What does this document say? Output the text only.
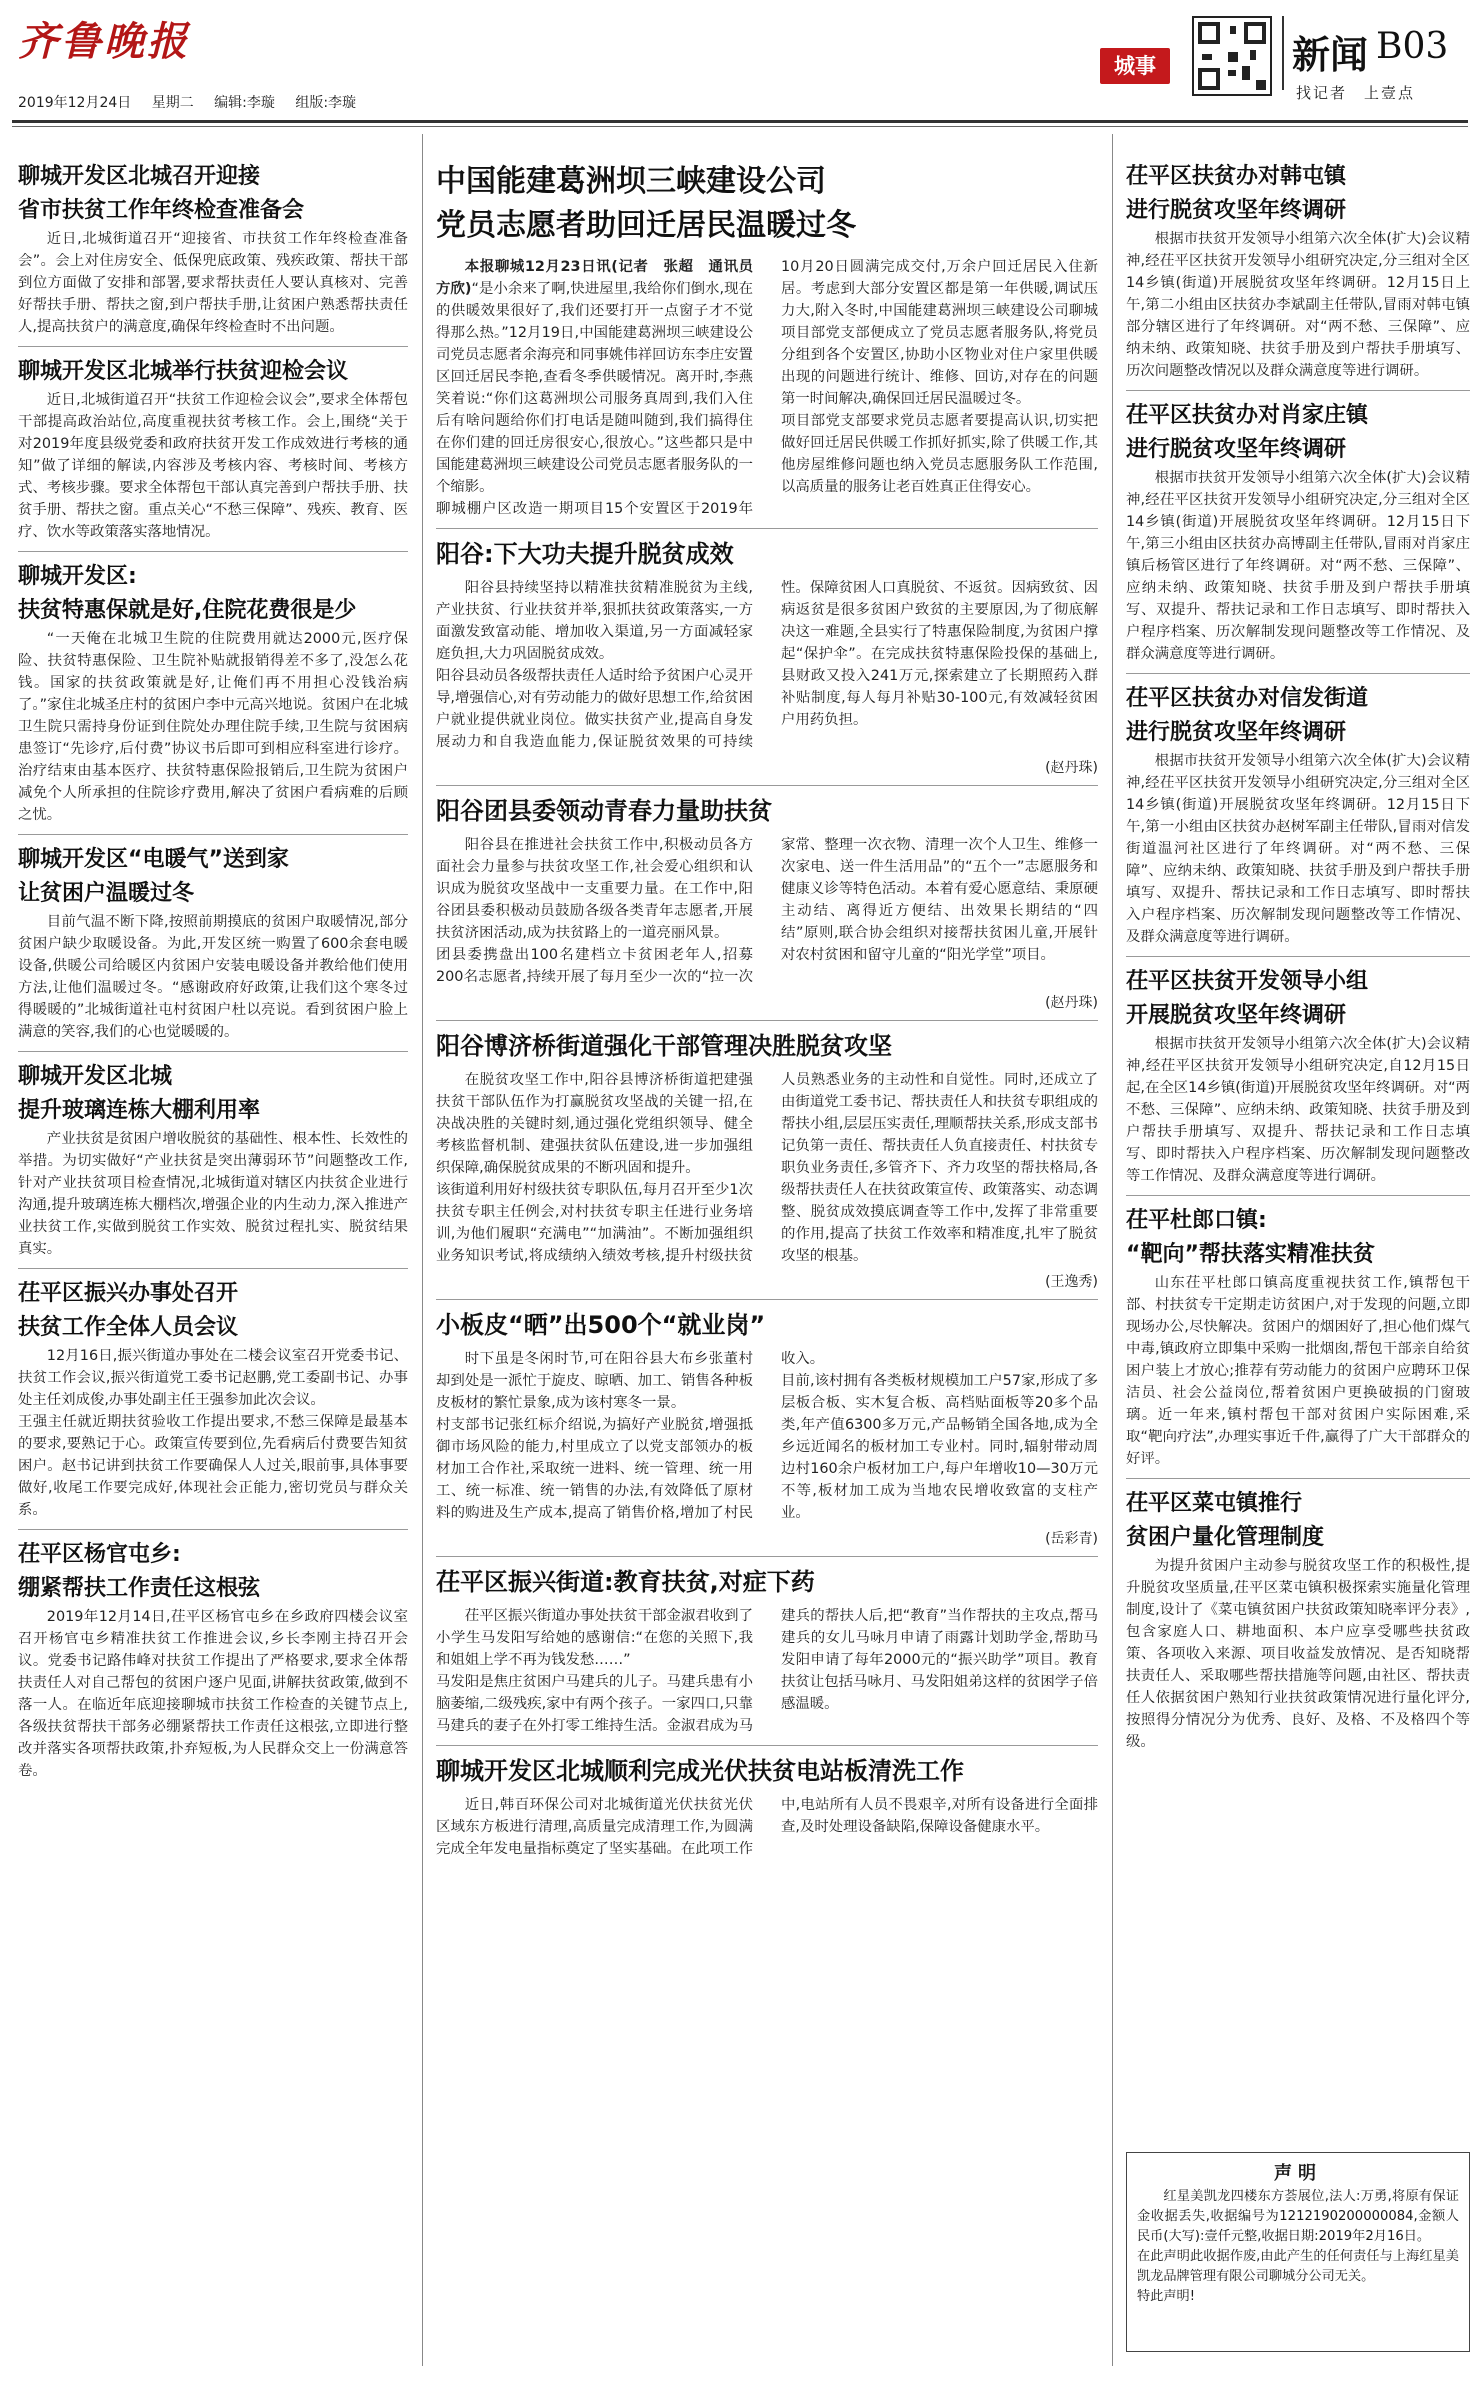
齐鲁晚报
2019年12月24日 星期二 编辑:李璇 组版:李璇
城事	新闻 B03
找记者　上壹点
聊城开发区北城召开迎接
省市扶贫工作年终检查准备会
近日,北城街道召开“迎接省、市扶贫工作年终检查准备会”。会上对住房安全、低保兜底政策、残疾政策、帮扶干部到位方面做了安排和部署,要求帮扶责任人要认真核对、完善好帮扶手册、帮扶之窗,到户帮扶手册,让贫困户熟悉帮扶责任人,提高扶贫户的满意度,确保年终检查时不出问题。
聊城开发区北城举行扶贫迎检会议
近日,北城街道召开“扶贫工作迎检会议会”,要求全体帮包干部提高政治站位,高度重视扶贫考核工作。会上,围绕“关于对2019年度县级党委和政府扶贫开发工作成效进行考核的通知”做了详细的解读,内容涉及考核内容、考核时间、考核方式、考核步骤。要求全体帮包干部认真完善到户帮扶手册、扶贫手册、帮扶之窗。重点关心“不愁三保障”、残疾、教育、医疗、饮水等政策落实落地情况。
聊城开发区:
扶贫特惠保就是好,住院花费很是少
“一天俺在北城卫生院的住院费用就达2000元,医疗保险、扶贫特惠保险、卫生院补贴就报销得差不多了,没怎么花钱。国家的扶贫政策就是好,让俺们再不用担心没钱治病了。”家住北城圣庄村的贫困户李中元高兴地说。贫困户在北城卫生院只需持身份证到住院处办理住院手续,卫生院与贫困病患签订“先诊疗,后付费”协议书后即可到相应科室进行诊疗。治疗结束由基本医疗、扶贫特惠保险报销后,卫生院为贫困户减免个人所承担的住院诊疗费用,解决了贫困户看病难的后顾之忧。
聊城开发区“电暖气”送到家
让贫困户温暖过冬
目前气温不断下降,按照前期摸底的贫困户取暖情况,部分贫困户缺少取暖设备。为此,开发区统一购置了600余套电暖设备,供暖公司给暖区内贫困户安装电暖设备并教给他们使用方法,让他们温暖过冬。“感谢政府好政策,让我们这个寒冬过得暖暖的”北城街道社屯村贫困户杜以亮说。看到贫困户脸上满意的笑容,我们的心也觉暖暖的。
聊城开发区北城
提升玻璃连栋大棚利用率
产业扶贫是贫困户增收脱贫的基础性、根本性、长效性的举措。为切实做好“产业扶贫是突出薄弱环节”问题整改工作,针对产业扶贫项目检查情况,北城街道对辖区内扶贫企业进行沟通,提升玻璃连栋大棚档次,增强企业的内生动力,深入推进产业扶贫工作,实做到脱贫工作实效、脱贫过程扎实、脱贫结果真实。
茌平区振兴办事处召开
扶贫工作全体人员会议
12月16日,振兴街道办事处在二楼会议室召开党委书记、扶贫工作会议,振兴街道党工委书记赵鹏,党工委副书记、办事处主任刘成俊,办事处副主任王强参加此次会议。
王强主任就近期扶贫验收工作提出要求,不愁三保障是最基本的要求,要熟记于心。政策宣传要到位,先看病后付费要告知贫困户。赵书记讲到扶贫工作要确保人人过关,眼前事,具体事要做好,收尾工作要完成好,体现社会正能力,密切党员与群众关系。
茌平区杨官屯乡:
绷紧帮扶工作责任这根弦
2019年12月14日,茌平区杨官屯乡在乡政府四楼会议室召开杨官屯乡精准扶贫工作推进会议,乡长李刚主持召开会议。党委书记路伟峰对扶贫工作提出了严格要求,要求全体帮扶责任人对自己帮包的贫困户逐户见面,讲解扶贫政策,做到不落一人。在临近年底迎接聊城市扶贫工作检查的关键节点上,各级扶贫帮扶干部务必绷紧帮扶工作责任这根弦,立即进行整改并落实各项帮扶政策,扑弃短板,为人民群众交上一份满意答卷。
中国能建葛洲坝三峡建设公司
党员志愿者助回迁居民温暖过冬
本报聊城12月23日讯(记者　张超　通讯员　方欣)“是小余来了啊,快进屋里,我给你们倒水,现在的供暖效果很好了,我们还要打开一点窗子才不觉得那么热。”12月19日,中国能建葛洲坝三峡建设公司党员志愿者余海亮和同事姚伟祥回访东李庄安置区回迁居民李艳,查看冬季供暖情况。离开时,李燕笑着说:“你们这葛洲坝公司服务真周到,我们入住后有啥问题给你们打电话是随叫随到,我们搞得住在你们建的回迁房很安心,很放心。”这些都只是中国能建葛洲坝三峡建设公司党员志愿者服务队的一个缩影。
聊城棚户区改造一期项目15个安置区于2019年10月20日圆满完成交付,万余户回迁居民入住新居。考虑到大部分安置区都是第一年供暖,调试压力大,附入冬时,中国能建葛洲坝三峡建设公司聊城项目部党支部便成立了党员志愿者服务队,将党员分组到各个安置区,协助小区物业对住户家里供暖出现的问题进行统计、维修、回访,对存在的问题第一时间解决,确保回迁居民温暖过冬。
项目部党支部要求党员志愿者要提高认识,切实把做好回迁居民供暖工作抓好抓实,除了供暖工作,其他房屋维修问题也纳入党员志愿服务队工作范围,以高质量的服务让老百姓真正住得安心。
阳谷:下大功夫提升脱贫成效
阳谷县持续坚持以精准扶贫精准脱贫为主线,产业扶贫、行业扶贫并举,狠抓扶贫政策落实,一方面激发致富动能、增加收入渠道,另一方面减轻家庭负担,大力巩固脱贫成效。
阳谷县动员各级帮扶责任人适时给予贫困户心灵开导,增强信心,对有劳动能力的做好思想工作,给贫困户就业提供就业岗位。做实扶贫产业,提高自身发展动力和自我造血能力,保证脱贫效果的可持续性。保障贫困人口真脱贫、不返贫。因病致贫、因病返贫是很多贫困户致贫的主要原因,为了彻底解决这一难题,全县实行了特惠保险制度,为贫困户撑起“保护伞”。在完成扶贫特惠保险投保的基础上,县财政又投入241万元,探索建立了长期照药入群补贴制度,每人每月补贴30-100元,有效减轻贫困户用药负担。
(赵丹珠)
阳谷团县委领动青春力量助扶贫
阳谷县在推进社会扶贫工作中,积极动员各方面社会力量参与扶贫攻坚工作,社会爱心组织和认识成为脱贫攻坚战中一支重要力量。在工作中,阳谷团县委积极动员鼓励各级各类青年志愿者,开展扶贫济困活动,成为扶贫路上的一道亮丽风景。
团县委携盘出100名建档立卡贫困老年人,招募200名志愿者,持续开展了每月至少一次的“拉一次家常、整理一次衣物、清理一次个人卫生、维修一次家电、送一件生活用品”的“五个一”志愿服务和健康义诊等特色活动。本着有爱心愿意结、秉原硬主动结、离得近方便结、出效果长期结的“四结”原则,联合协会组织对接帮扶贫困儿童,开展针对农村贫困和留守儿童的“阳光学堂”项目。
(赵丹珠)
阳谷博济桥街道强化干部管理决胜脱贫攻坚
在脱贫攻坚工作中,阳谷县博济桥街道把建强扶贫干部队伍作为打赢脱贫攻坚战的关键一招,在决战决胜的关键时刻,通过强化党组织领导、健全考核监督机制、建强扶贫队伍建设,进一步加强组织保障,确保脱贫成果的不断巩固和提升。
该街道利用好村级扶贫专职队伍,每月召开至少1次扶贫专职主任例会,对村扶贫专职主任进行业务培训,为他们履职“充满电”“加满油”。不断加强组织业务知识考试,将成绩纳入绩效考核,提升村级扶贫人员熟悉业务的主动性和自觉性。同时,还成立了由街道党工委书记、帮扶责任人和扶贫专职组成的帮扶小组,层层压实责任,理顺帮扶关系,形成支部书记负第一责任、帮扶责任人负直接责任、村扶贫专职负业务责任,多管齐下、齐力攻坚的帮扶格局,各级帮扶责任人在扶贫政策宣传、政策落实、动态调整、脱贫成效摸底调查等工作中,发挥了非常重要的作用,提高了扶贫工作效率和精准度,扎牢了脱贫攻坚的根基。
(王逸秀)
小板皮“晒”出500个“就业岗”
时下虽是冬闲时节,可在阳谷县大布乡张董村却到处是一派忙于旋皮、晾晒、加工、销售各种板皮板材的繁忙景象,成为该村寒冬一景。
村支部书记张红标介绍说,为搞好产业脱贫,增强抵御市场风险的能力,村里成立了以党支部领办的板材加工合作社,采取统一进料、统一管理、统一用工、统一标准、统一销售的办法,有效降低了原材料的购进及生产成本,提高了销售价格,增加了村民收入。
目前,该村拥有各类板材规模加工户57家,形成了多层板合板、实木复合板、高档贴面板等20多个品类,年产值6300多万元,产品畅销全国各地,成为全乡远近闻名的板材加工专业村。同时,辐射带动周边村160余户板材加工户,每户年增收10—30万元不等,板材加工成为当地农民增收致富的支柱产业。
(岳彩青)
茌平区振兴街道:教育扶贫,对症下药
茌平区振兴街道办事处扶贫干部金淑君收到了小学生马发阳写给她的感谢信:“在您的关照下,我和姐姐上学不再为钱发愁……”
马发阳是焦庄贫困户马建兵的儿子。马建兵患有小脑萎缩,二级残疾,家中有两个孩子。一家四口,只靠马建兵的妻子在外打零工维持生活。金淑君成为马建兵的帮扶人后,把“教育”当作帮扶的主攻点,帮马建兵的女儿马咏月申请了雨露计划助学金,帮助马发阳申请了每年2000元的“振兴助学”项目。教育扶贫让包括马咏月、马发阳姐弟这样的贫困学子倍感温暖。
聊城开发区北城顺利完成光伏扶贫电站板清洗工作
近日,韩百环保公司对北城街道光伏扶贫光伏区域东方板进行清理,高质量完成清理工作,为圆满完成全年发电量指标奠定了坚实基础。在此项工作中,电站所有人员不畏艰辛,对所有设备进行全面排查,及时处理设备缺陷,保障设备健康水平。
茌平区扶贫办对韩屯镇
进行脱贫攻坚年终调研
根据市扶贫开发领导小组第六次全体(扩大)会议精神,经茌平区扶贫开发领导小组研究决定,分三组对全区14乡镇(街道)开展脱贫攻坚年终调研。12月15日上午,第二小组由区扶贫办李斌副主任带队,冒雨对韩屯镇部分辖区进行了年终调研。对“两不愁、三保障”、应纳未纳、政策知晓、扶贫手册及到户帮扶手册填写、历次问题整改情况以及群众满意度等进行调研。
茌平区扶贫办对肖家庄镇
进行脱贫攻坚年终调研
根据市扶贫开发领导小组第六次全体(扩大)会议精神,经茌平区扶贫开发领导小组研究决定,分三组对全区14乡镇(街道)开展脱贫攻坚年终调研。12月15日下午,第三小组由区扶贫办高博副主任带队,冒雨对肖家庄镇后杨管区进行了年终调研。对“两不愁、三保障”、应纳未纳、政策知晓、扶贫手册及到户帮扶手册填写、双提升、帮扶记录和工作日志填写、即时帮扶入户程序档案、历次解制发现问题整改等工作情况、及群众满意度等进行调研。
茌平区扶贫办对信发街道
进行脱贫攻坚年终调研
根据市扶贫开发领导小组第六次全体(扩大)会议精神,经茌平区扶贫开发领导小组研究决定,分三组对全区14乡镇(街道)开展脱贫攻坚年终调研。12月15日下午,第一小组由区扶贫办赵树军副主任带队,冒雨对信发街道温河社区进行了年终调研。对“两不愁、三保障”、应纳未纳、政策知晓、扶贫手册及到户帮扶手册填写、双提升、帮扶记录和工作日志填写、即时帮扶入户程序档案、历次解制发现问题整改等工作情况、及群众满意度等进行调研。
茌平区扶贫开发领导小组
开展脱贫攻坚年终调研
根据市扶贫开发领导小组第六次全体(扩大)会议精神,经茌平区扶贫开发领导小组研究决定,自12月15日起,在全区14乡镇(街道)开展脱贫攻坚年终调研。对“两不愁、三保障”、应纳未纳、政策知晓、扶贫手册及到户帮扶手册填写、双提升、帮扶记录和工作日志填写、即时帮扶入户程序档案、历次解制发现问题整改等工作情况、及群众满意度等进行调研。
茌平杜郎口镇:
“靶向”帮扶落实精准扶贫
山东茌平杜郎口镇高度重视扶贫工作,镇帮包干部、村扶贫专干定期走访贫困户,对于发现的问题,立即现场办公,尽快解决。贫困户的烟困好了,担心他们煤气中毒,镇政府立即集中采购一批烟囱,帮包干部亲自给贫困户装上才放心;推荐有劳动能力的贫困户应聘环卫保洁员、社会公益岗位,帮着贫困户更换破损的门窗玻璃。近一年来,镇村帮包干部对贫困户实际困难,采取“靶向疗法”,办理实事近千件,赢得了广大干部群众的好评。
茌平区菜屯镇推行
贫困户量化管理制度
为提升贫困户主动参与脱贫攻坚工作的积极性,提升脱贫攻坚质量,茌平区菜屯镇积极探索实施量化管理制度,设计了《菜屯镇贫困户扶贫政策知晓率评分表》,包含家庭人口、耕地面积、本户应享受哪些扶贫政策、各项收入来源、项目收益发放情况、是否知晓帮扶责任人、采取哪些帮扶措施等问题,由社区、帮扶责任人依据贫困户熟知行业扶贫政策情况进行量化评分,按照得分情况分为优秀、良好、及格、不及格四个等级。
声明
红星美凯龙四楼东方荟展位,法人:万勇,将原有保证金收据丢失,收据编号为1212190200000084,金额人民币(大写):壹仟元整,收据日期:2019年2月16日。
在此声明此收据作废,由此产生的任何责任与上海红星美凯龙品牌管理有限公司聊城分公司无关。
特此声明!
